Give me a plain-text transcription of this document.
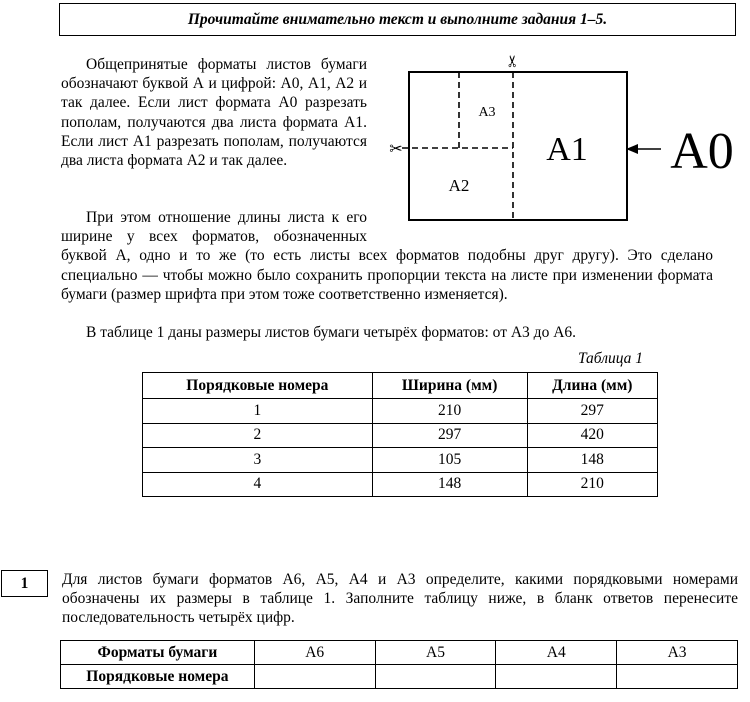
Прочитайте внимательно текст и выполните задания 1–5.
Общепринятые форматы листов бумаги обозначают буквой А и цифрой: А0, А1, А2 и так далее. Если лист формата А0 разрезать пополам, получаются два листа формата А1. Если лист А1 разрезать пополам, получаются два листа формата А2 и так далее.
✂
✂
А3
А2
А1 А0
При этом отношение длины листа к его ширине у всех форматов, обозначенных буквой А, одно и то же (то есть листы всех форматов подобны друг другу). Это сделано специально — чтобы можно было сохранить пропорции текста на листе при изменении формата бумаги (размер шрифта при этом тоже соответственно изменяется).
В таблице 1 даны размеры листов бумаги четырёх форматов: от А3 до А6.
Таблица 1
Порядковые номера	Ширина (мм)	Длина (мм)
1	210	297
2	297	420
3	105	148
4	148	210
1 Для листов бумаги форматов А6, А5, А4 и А3 определите, какими порядковыми номерами обозначены их размеры в таблице 1. Заполните таблицу ниже, в бланк ответов перенесите последовательность четырёх цифр.
Форматы бумаги	А6	А5	А4	А3
Порядковые номера				
